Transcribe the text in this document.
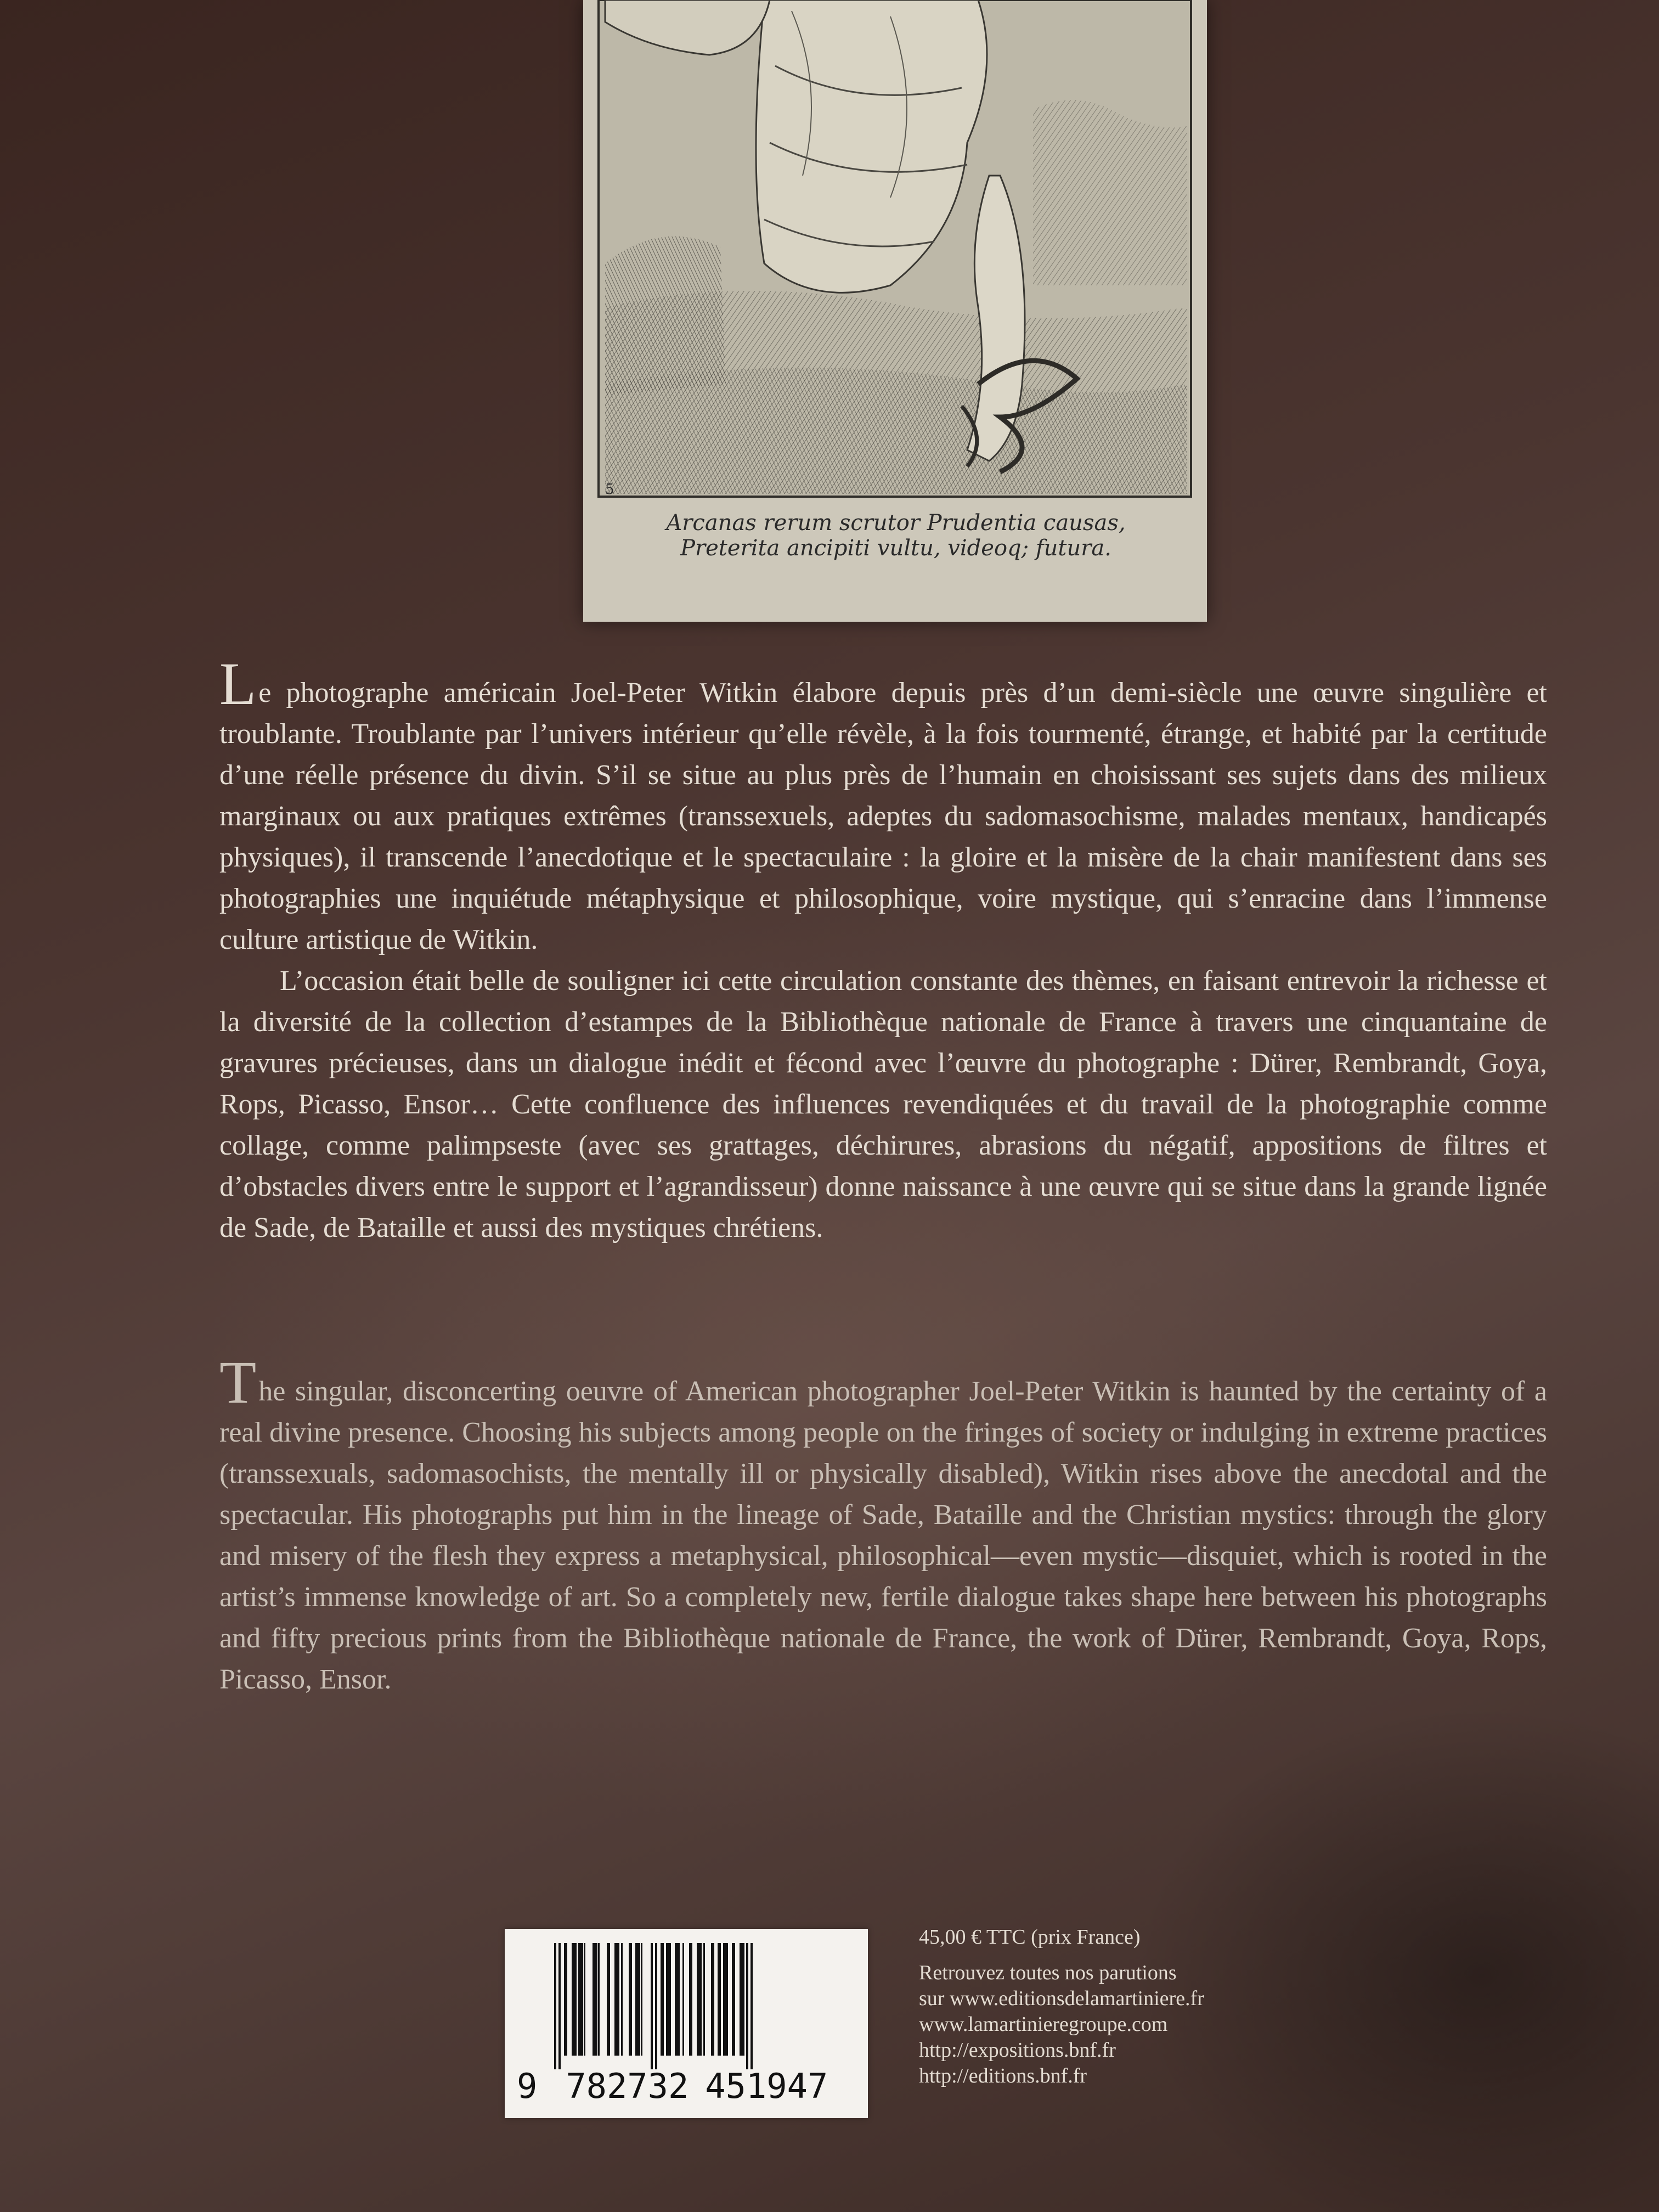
5
Arcanas rerum scrutor Prudentia causas,
Preterita ancipiti vultu, videoq; futura.

Le photographe américain Joel-Peter Witkin élabore depuis près d’un demi-siècle une œuvre singulière et troublante. Troublante par l’univers intérieur qu’elle révèle, à la fois tourmenté, étrange, et habité par la certitude d’une réelle présence du divin. S’il se situe au plus près de l’humain en choisissant ses sujets dans des milieux marginaux ou aux pratiques extrêmes (transsexuels, adeptes du sadomasochisme, malades mentaux, handicapés physiques), il transcende l’anecdotique et le spectaculaire : la gloire et la misère de la chair manifestent dans ses photographies une inquiétude métaphysique et philosophique, voire mystique, qui s’enracine dans l’immense culture artistique de Witkin.

L’occasion était belle de souligner ici cette circulation constante des thèmes, en faisant entrevoir la richesse et la diversité de la collection d’estampes de la Bibliothèque nationale de France à travers une cinquantaine de gravures précieuses, dans un dialogue inédit et fécond avec l’œuvre du photographe : Dürer, Rembrandt, Goya, Rops, Picasso, Ensor… Cette confluence des influences revendiquées et du travail de la photographie comme collage, comme palimpseste (avec ses grattages, déchirures, abrasions du négatif, appositions de filtres et d’obstacles divers entre le support et l’agrandisseur) donne naissance à une œuvre qui se situe dans la grande lignée de Sade, de Bataille et aussi des mystiques chrétiens.

The singular, disconcerting oeuvre of American photographer Joel-Peter Witkin is haunted by the certainty of a real divine presence. Choosing his subjects among people on the fringes of society or indulging in extreme practices (transsexuals, sadomasochists, the mentally ill or physically disabled), Witkin rises above the anecdotal and the spectacular. His photographs put him in the lineage of Sade, Bataille and the Christian mystics: through the glory and misery of the flesh they express a metaphysical, philosophical—even mystic—disquiet, which is rooted in the artist’s immense knowledge of art. So a completely new, fertile dialogue takes shape here between his photographs and fifty precious prints from the Bibliothèque nationale de France, the work of Dürer, Rembrandt, Goya, Rops, Picasso, Ensor.

9 782732 451947
45,00 € TTC (prix France)
Retrouvez toutes nos parutions
sur www.editionsdelamartiniere.fr
www.lamartinieregroupe.com
http://expositions.bnf.fr
http://editions.bnf.fr
